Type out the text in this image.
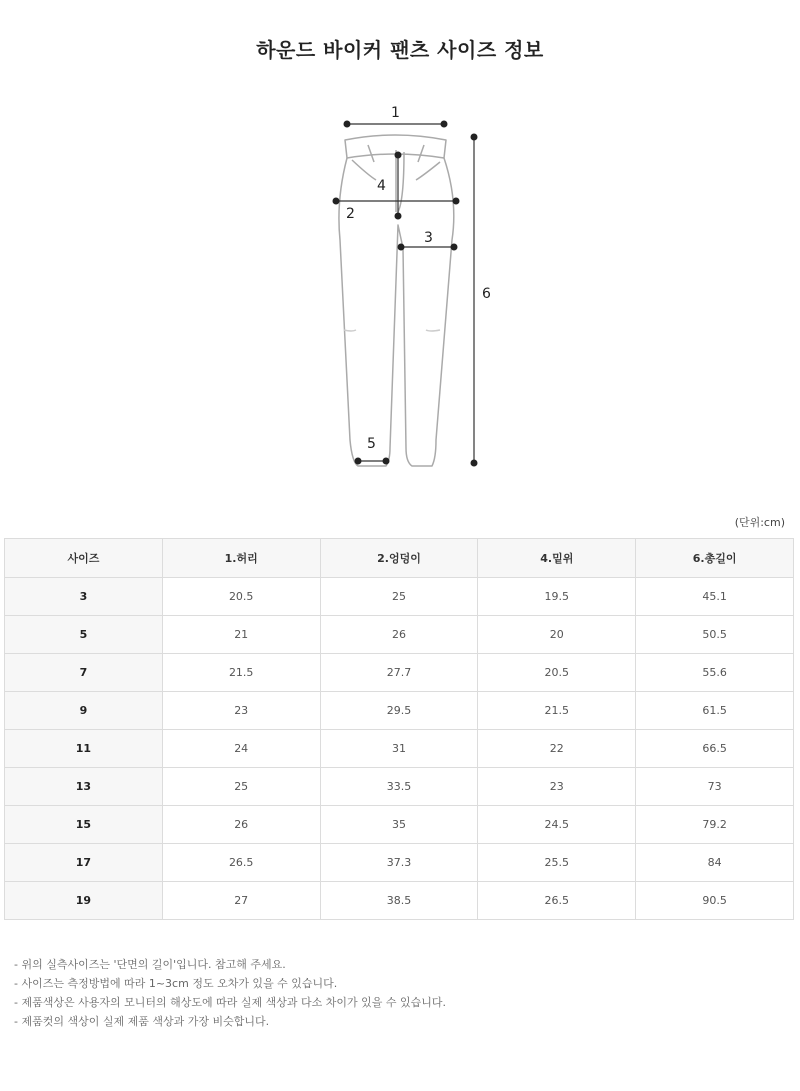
하운드 바이커 팬츠 사이즈 정보
1
2
3
4
5
6
(단위:cm)
사이즈	1.허리	2.엉덩이	4.밑위	6.총길이
3	20.5	25	19.5	45.1
5	21	26	20	50.5
7	21.5	27.7	20.5	55.6
9	23	29.5	21.5	61.5
11	24	31	22	66.5
13	25	33.5	23	73
15	26	35	24.5	79.2
17	26.5	37.3	25.5	84
19	27	38.5	26.5	90.5
- 위의 실측사이즈는 '단면의 길이'입니다. 참고해 주세요.
- 사이즈는 측정방법에 따라 1~3cm 정도 오차가 있을 수 있습니다.
- 제품색상은 사용자의 모니터의 해상도에 따라 실제 색상과 다소 차이가 있을 수 있습니다.
- 제품컷의 색상이 실제 제품 색상과 가장 비슷합니다.
